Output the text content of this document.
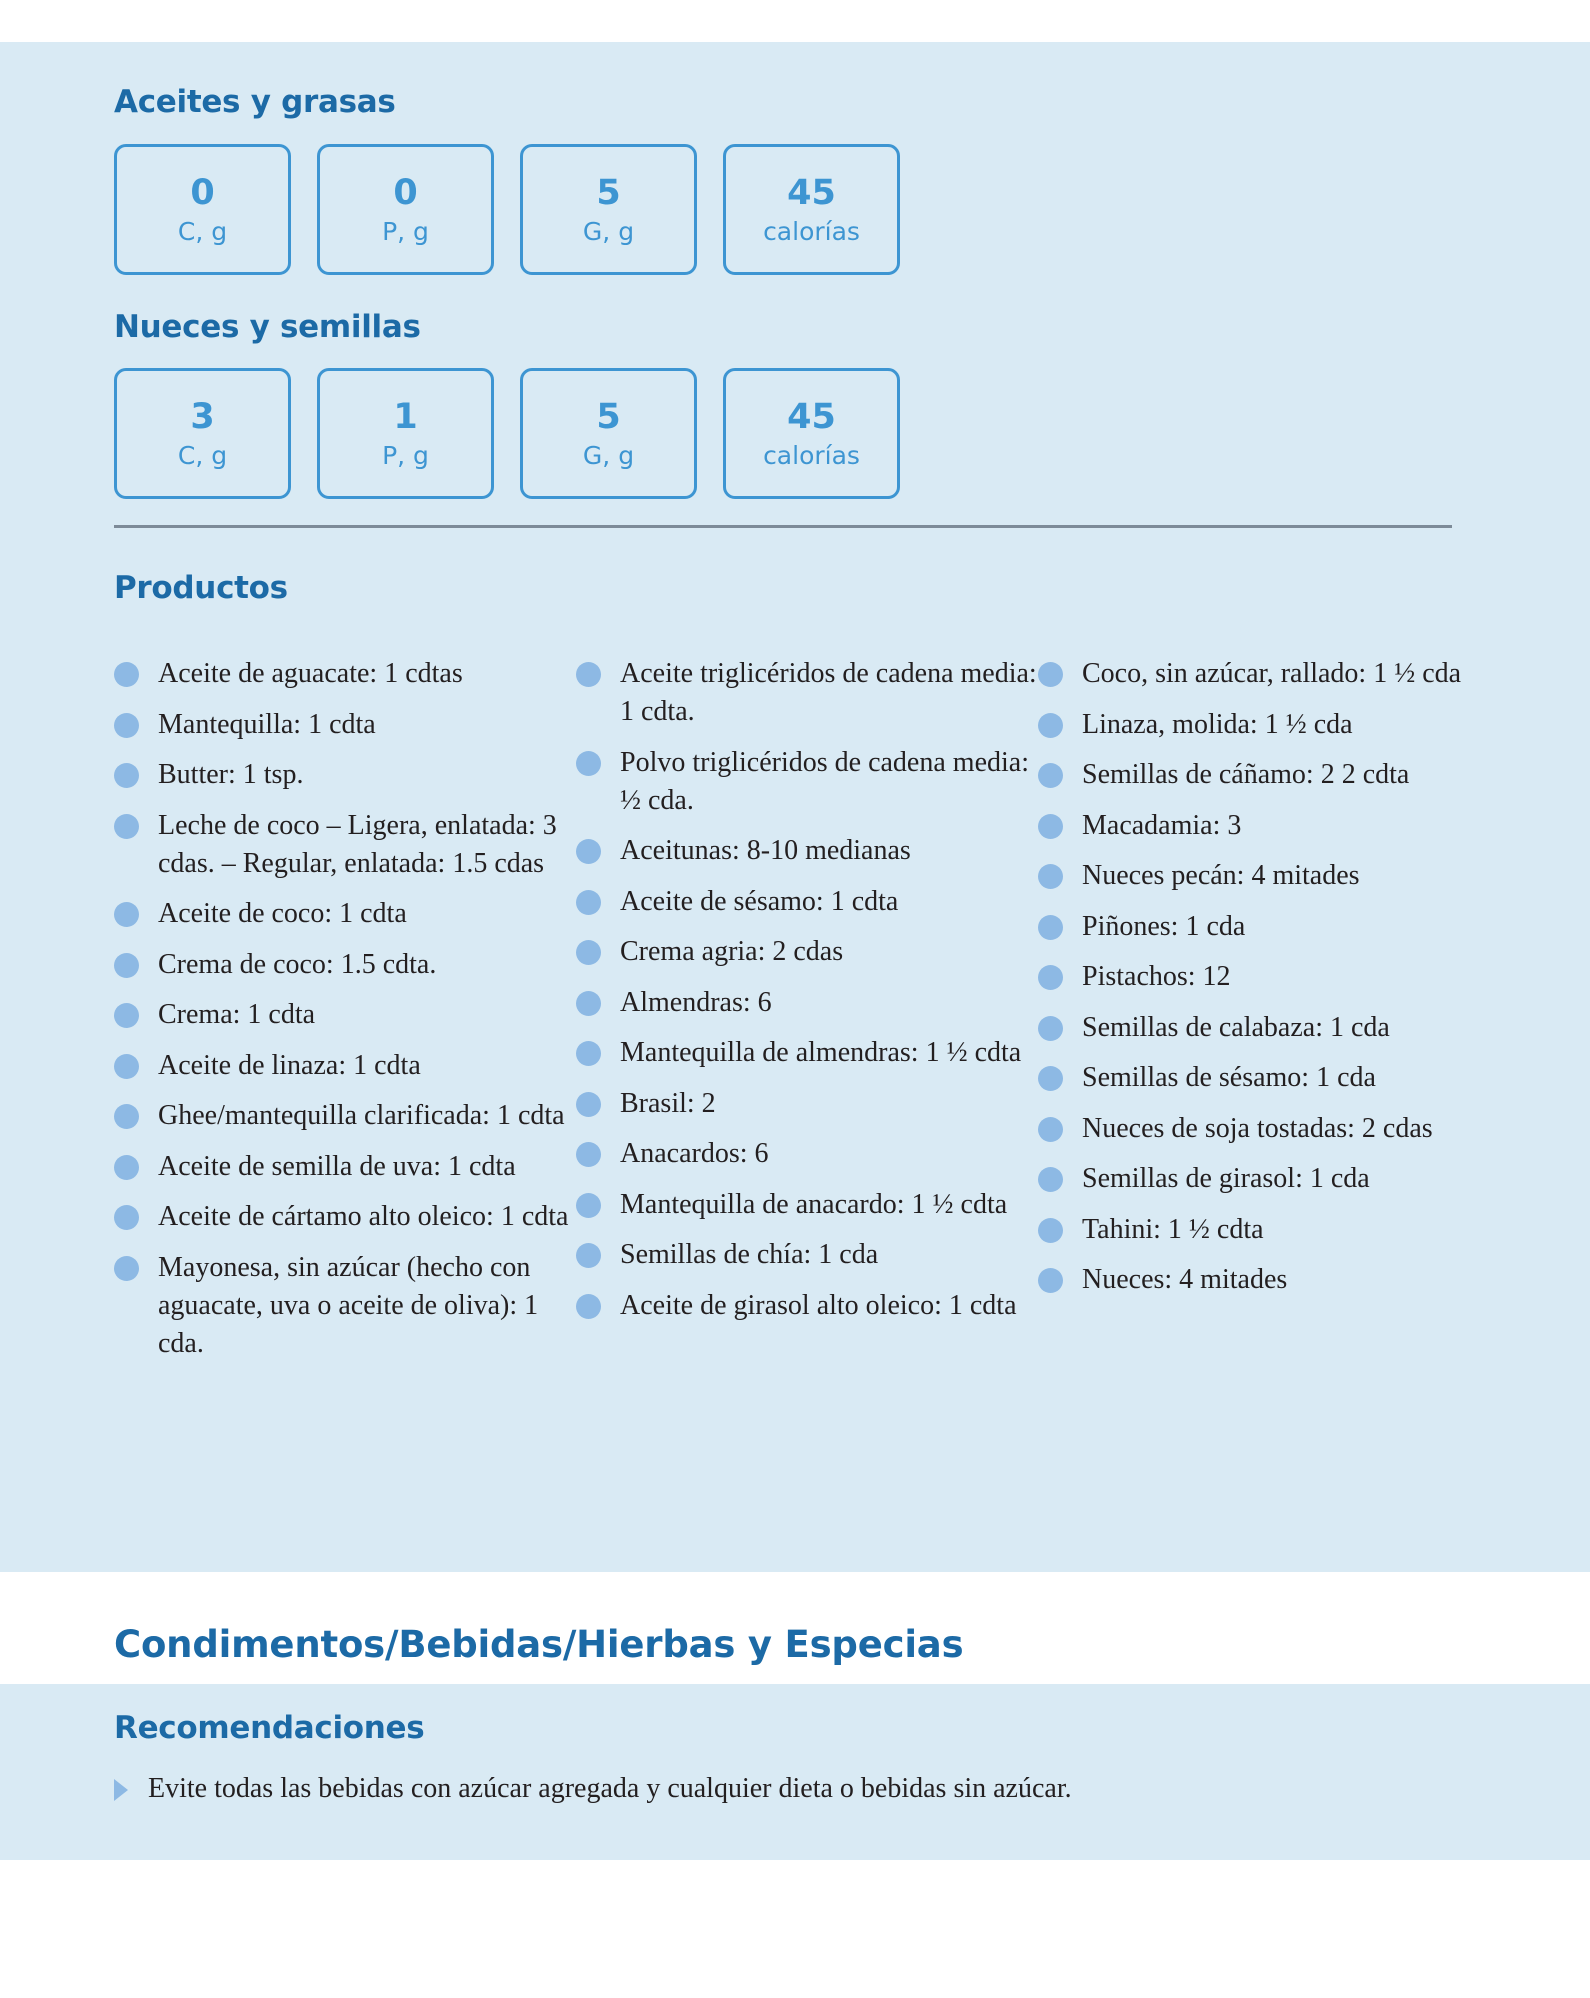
Aceites y grasas
0
C, g
0
P, g
5
G, g
45
calorías
Nueces y semillas
3
C, g
1
P, g
5
G, g
45
calorías
Productos
Aceite de aguacate: 1 cdtas
Mantequilla: 1 cdta
Butter: 1 tsp.
Leche de coco – Ligera, enlatada: 3 cdas. – Regular, enlatada: 1.5 cdas
Aceite de coco: 1 cdta
Crema de coco: 1.5 cdta.
Crema: 1 cdta
Aceite de linaza: 1 cdta
Ghee/mantequilla clarificada: 1 cdta
Aceite de semilla de uva: 1 cdta
Aceite de cártamo alto oleico: 1 cdta
Mayonesa, sin azúcar (hecho con aguacate, uva o aceite de oliva): 1 cda.
Aceite triglicéridos de cadena media: 1 cdta.
Polvo triglicéridos de cadena media: ½ cda.
Aceitunas: 8-10 medianas
Aceite de sésamo: 1 cdta
Crema agria: 2 cdas
Almendras: 6
Mantequilla de almendras: 1 ½ cdta
Brasil: 2
Anacardos: 6
Mantequilla de anacardo: 1 ½ cdta
Semillas de chía: 1 cda
Aceite de girasol alto oleico: 1 cdta
Coco, sin azúcar, rallado: 1 ½ cda
Linaza, molida: 1 ½ cda
Semillas de cáñamo: 2 2 cdta
Macadamia: 3
Nueces pecán: 4 mitades
Piñones: 1 cda
Pistachos: 12
Semillas de calabaza: 1 cda
Semillas de sésamo: 1 cda
Nueces de soja tostadas: 2 cdas
Semillas de girasol: 1 cda
Tahini: 1 ½ cdta
Nueces: 4 mitades
Condimentos/Bebidas/Hierbas y Especias
Recomendaciones
Evite todas las bebidas con azúcar agregada y cualquier dieta o bebidas sin azúcar.
